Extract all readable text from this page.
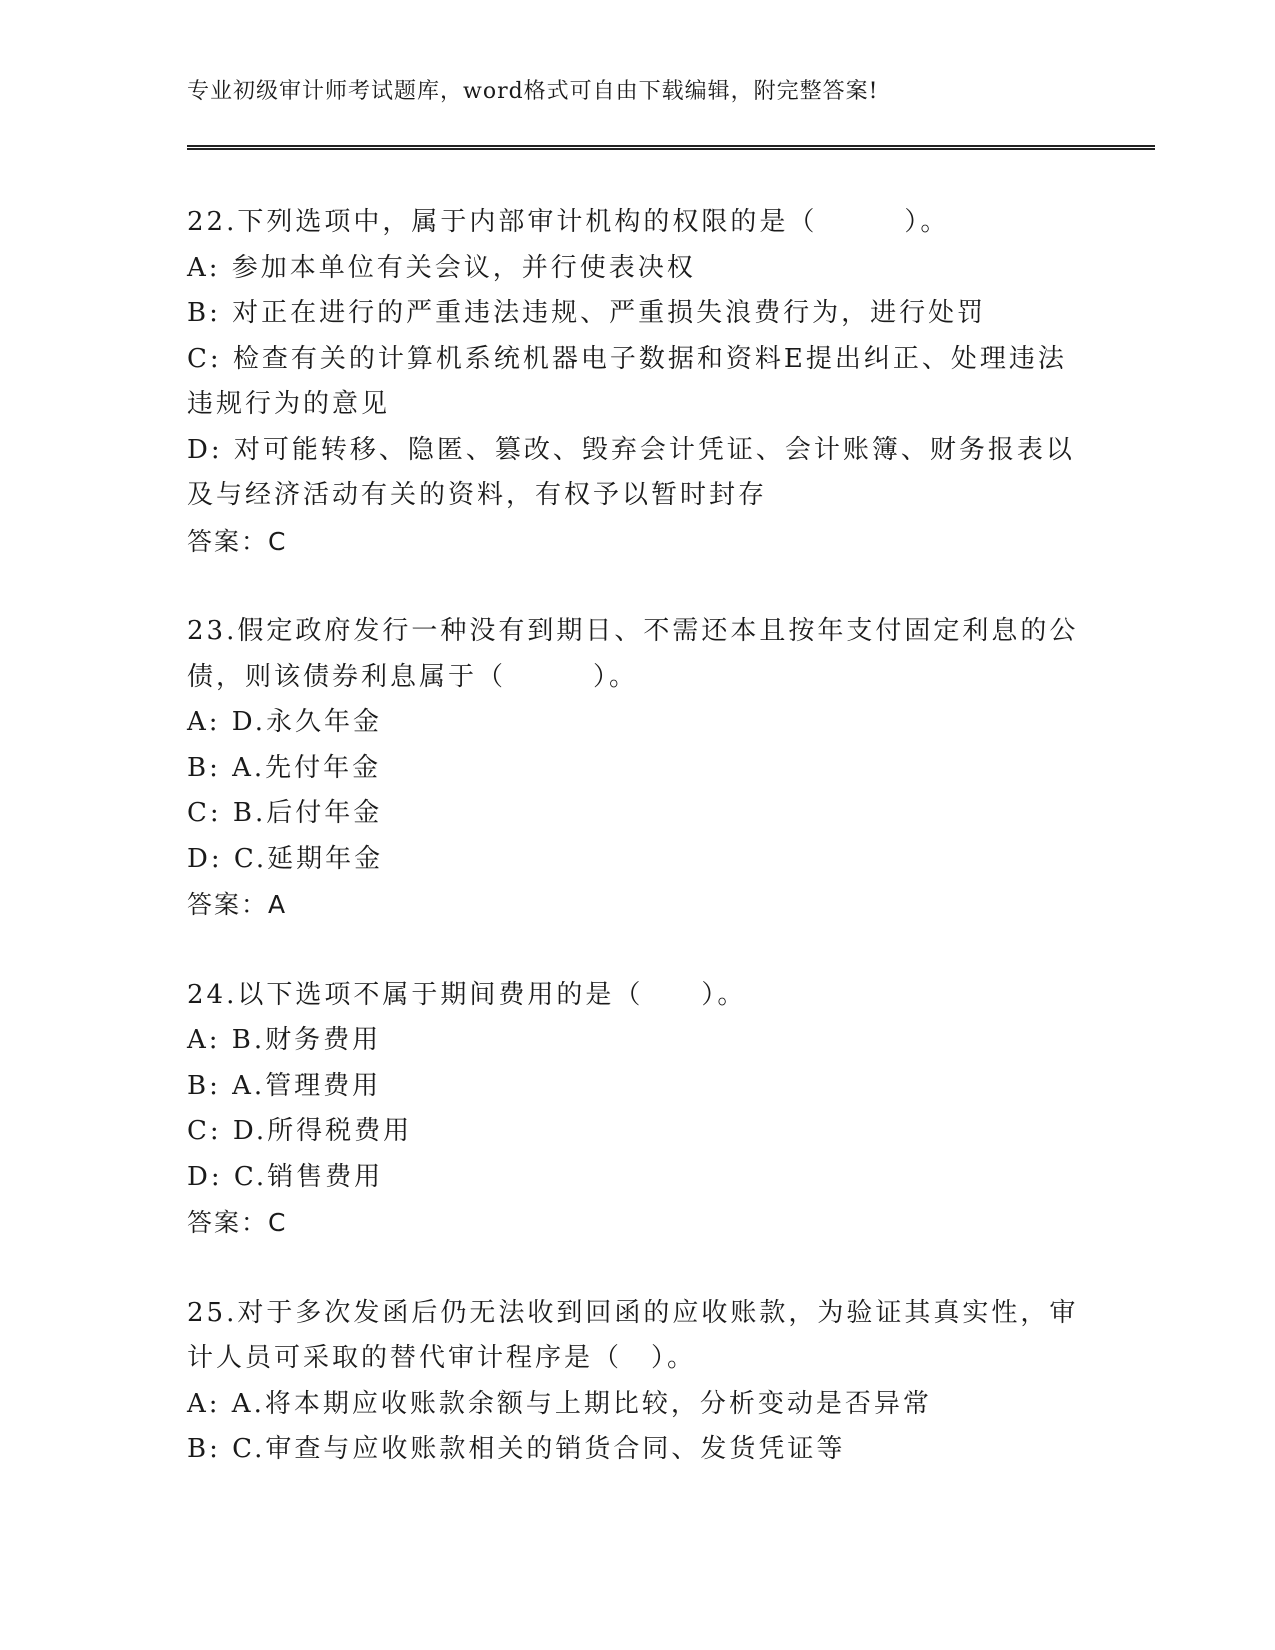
专业初级审计师考试题库，word格式可自由下载编辑，附完整答案!
22.下列选项中，属于内部审计机构的权限的是（　　　）。
A: 参加本单位有关会议，并行使表决权
B: 对正在进行的严重违法违规、严重损失浪费行为，进行处罚
C: 检查有关的计算机系统机器电子数据和资料E提出纠正、处理违法违规行为的意见
D: 对可能转移、隐匿、篡改、毁弃会计凭证、会计账簿、财务报表以及与经济活动有关的资料，有权予以暂时封存
答案：C
23.假定政府发行一种没有到期日、不需还本且按年支付固定利息的公债，则该债券利息属于（　　　）。
A: D.永久年金
B: A.先付年金
C: B.后付年金
D: C.延期年金
答案：A
24.以下选项不属于期间费用的是（　　）。
A: B.财务费用
B: A.管理费用
C: D.所得税费用
D: C.销售费用
答案：C
25.对于多次发函后仍无法收到回函的应收账款，为验证其真实性，审计人员可采取的替代审计程序是（　）。
A: A.将本期应收账款余额与上期比较，分析变动是否异常
B: C.审查与应收账款相关的销货合同、发货凭证等
